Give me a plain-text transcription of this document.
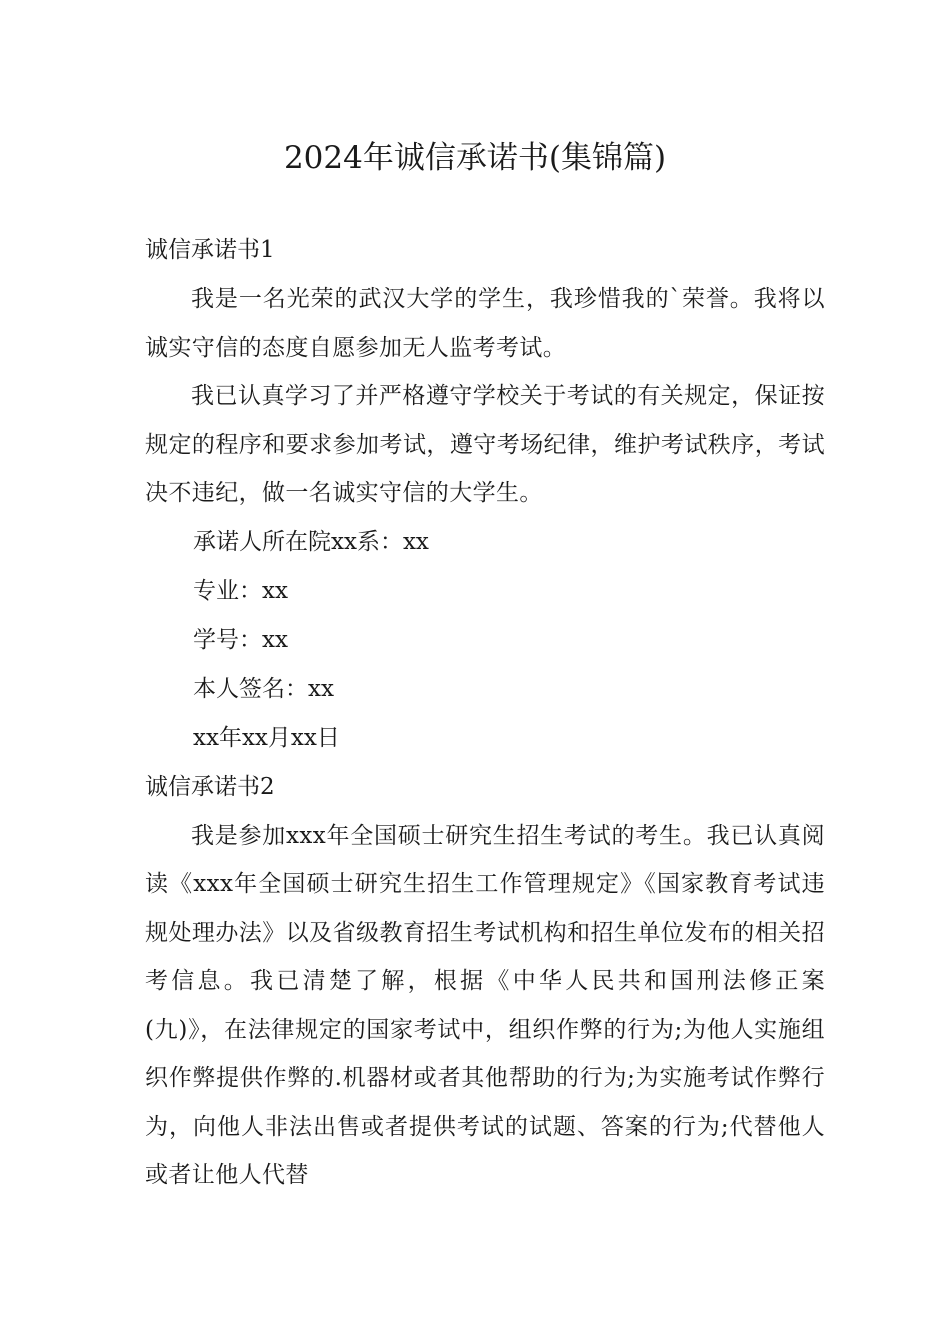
2024年诚信承诺书(集锦篇)
诚信承诺书1

我是一名光荣的武汉大学的学生，我珍惜我的`荣誉。我将以诚实守信的态度自愿参加无人监考考试。

我已认真学习了并严格遵守学校关于考试的有关规定，保证按规定的程序和要求参加考试，遵守考场纪律，维护考试秩序，考试决不违纪，做一名诚实守信的大学生。

承诺人所在院xx系：xx

专业：xx

学号：xx

本人签名：xx

xx年xx月xx日

诚信承诺书2

我是参加xxx年全国硕士研究生招生考试的考生。我已认真阅读《xxx年全国硕士研究生招生工作管理规定》《国家教育考试违规处理办法》以及省级教育招生考试机构和招生单位发布的相关招考信息。我已清楚了解，根据《中华人民共和国刑法修正案(九)》，在法律规定的国家考试中，组织作弊的行为;为他人实施组织作弊提供作弊的.机器材或者其他帮助的行为;为实施考试作弊行为，向他人非法出售或者提供考试的试题、答案的行为;代替他人或者让他人代替
